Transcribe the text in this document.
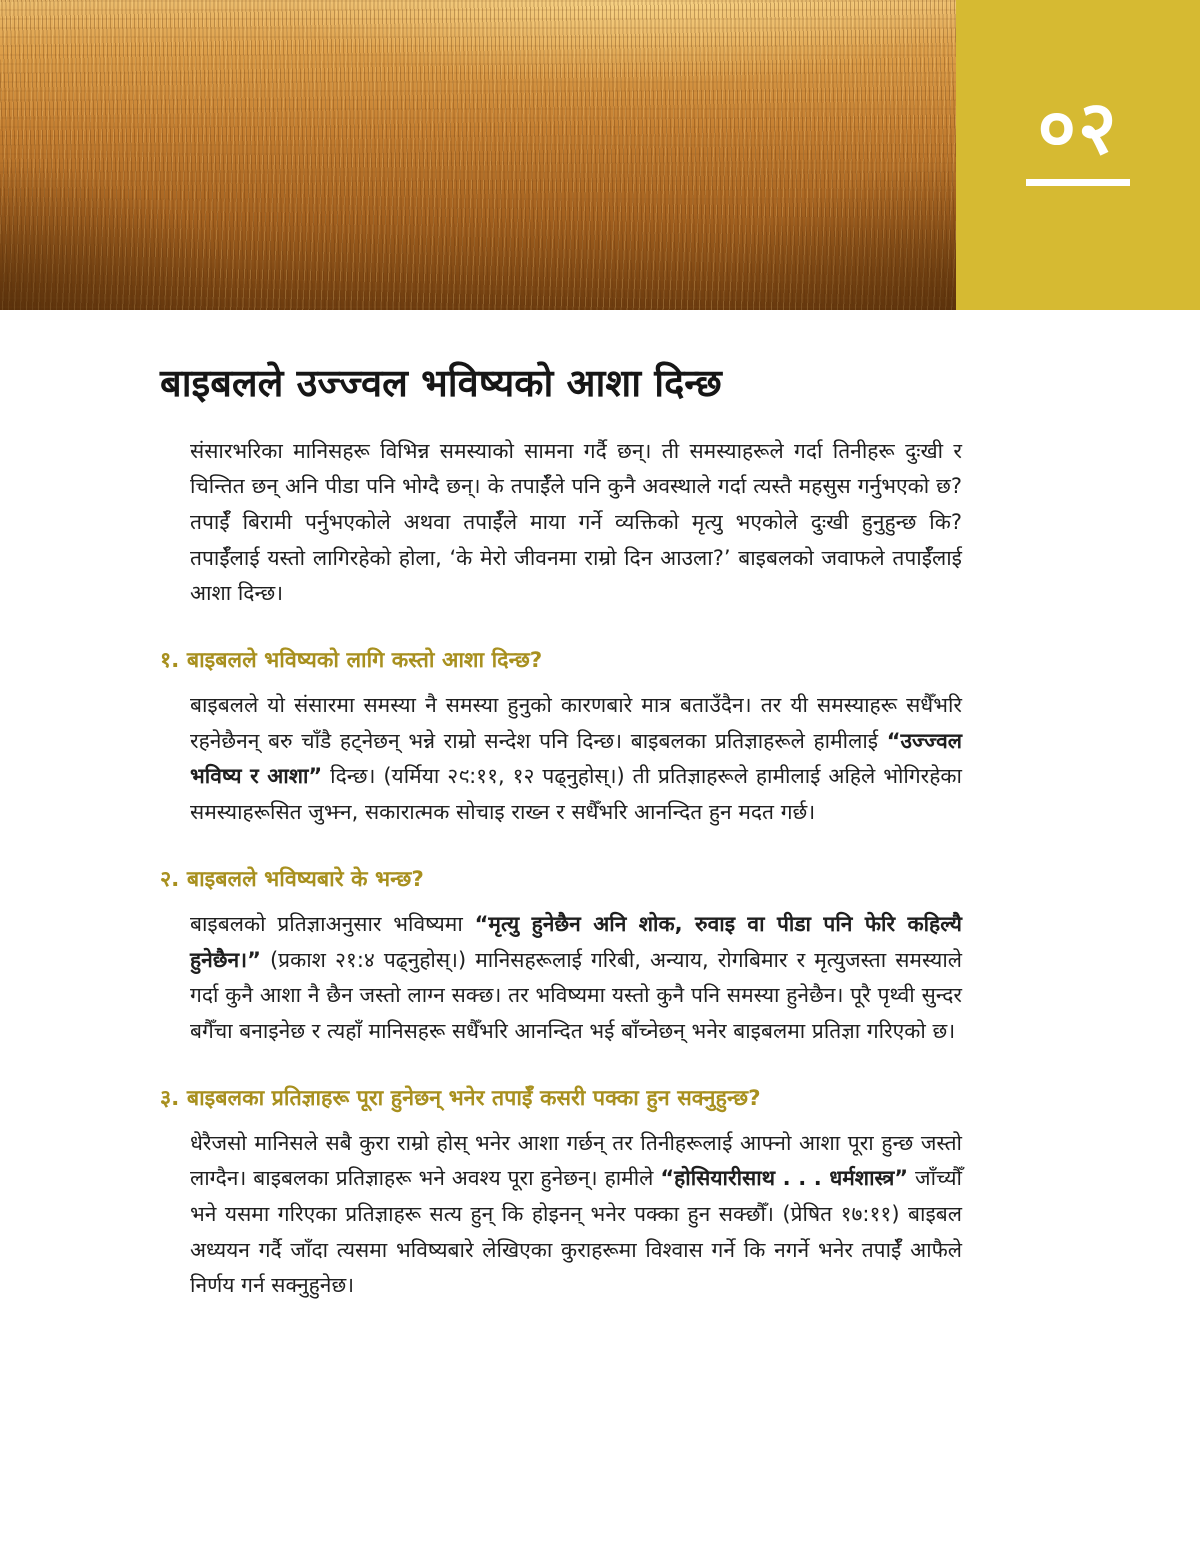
०२
बाइबलले उज्ज्वल भविष्यको आशा दिन्छ

संसारभरिका मानिसहरू विभिन्न समस्याको सामना गर्दै छन्। ती समस्याहरूले गर्दा तिनीहरू दुःखी र चिन्तित छन् अनि पीडा पनि भोग्दै छन्। के तपाईँले पनि कुनै अवस्थाले गर्दा त्यस्तै महसुस गर्नुभएको छ? तपाईँ बिरामी पर्नुभएकोले अथवा तपाईँले माया गर्ने व्यक्तिको मृत्यु भएकोले दुःखी हुनुहुन्छ कि? तपाईँलाई यस्तो लागिरहेको होला, ‘के मेरो जीवनमा राम्रो दिन आउला?’ बाइबलको जवाफले तपाईँलाई आशा दिन्छ।

१. बाइबलले भविष्यको लागि कस्तो आशा दिन्छ?

बाइबलले यो संसारमा समस्या नै समस्या हुनुको कारणबारे मात्र बताउँदैन। तर यी समस्याहरू सधैँभरि रहनेछैनन् बरु चाँडै हट्नेछन् भन्ने राम्रो सन्देश पनि दिन्छ। बाइबलका प्रतिज्ञाहरूले हामीलाई “उज्ज्वल भविष्य र आशा” दिन्छ। (यर्मिया २९:११, १२ पढ्नुहोस्।) ती प्रतिज्ञाहरूले हामीलाई अहिले भोगिरहेका समस्याहरूसित जुझ्न, सकारात्मक सोचाइ राख्न र सधैँभरि आनन्दित हुन मदत गर्छ।

२. बाइबलले भविष्यबारे के भन्छ?

बाइबलको प्रतिज्ञाअनुसार भविष्यमा “मृत्यु हुनेछैन अनि शोक, रुवाइ वा पीडा पनि फेरि कहिल्यै हुनेछैन।” (प्रकाश २१:४ पढ्नुहोस्।) मानिसहरूलाई गरिबी, अन्याय, रोगबिमार र मृत्युजस्ता समस्याले गर्दा कुनै आशा नै छैन जस्तो लाग्न सक्छ। तर भविष्यमा यस्तो कुनै पनि समस्या हुनेछैन। पूरै पृथ्वी सुन्दर बगैँचा बनाइनेछ र त्यहाँ मानिसहरू सधैँभरि आनन्दित भई बाँच्नेछन् भनेर बाइबलमा प्रतिज्ञा गरिएको छ।

३. बाइबलका प्रतिज्ञाहरू पूरा हुनेछन् भनेर तपाईँ कसरी पक्का हुन सक्नुहुन्छ?

धेरैजसो मानिसले सबै कुरा राम्रो होस् भनेर आशा गर्छन् तर तिनीहरूलाई आफ्नो आशा पूरा हुन्छ जस्तो लाग्दैन। बाइबलका प्रतिज्ञाहरू भने अवश्य पूरा हुनेछन्। हामीले “होसियारीसाथ . . . धर्मशास्त्र” जाँच्यौँ भने यसमा गरिएका प्रतिज्ञाहरू सत्य हुन् कि होइनन् भनेर पक्का हुन सक्छौँ। (प्रेषित १७:११) बाइबल अध्ययन गर्दै जाँदा त्यसमा भविष्यबारे लेखिएका कुराहरूमा विश्वास गर्ने कि नगर्ने भनेर तपाईँ आफैले निर्णय गर्न सक्नुहुनेछ।
